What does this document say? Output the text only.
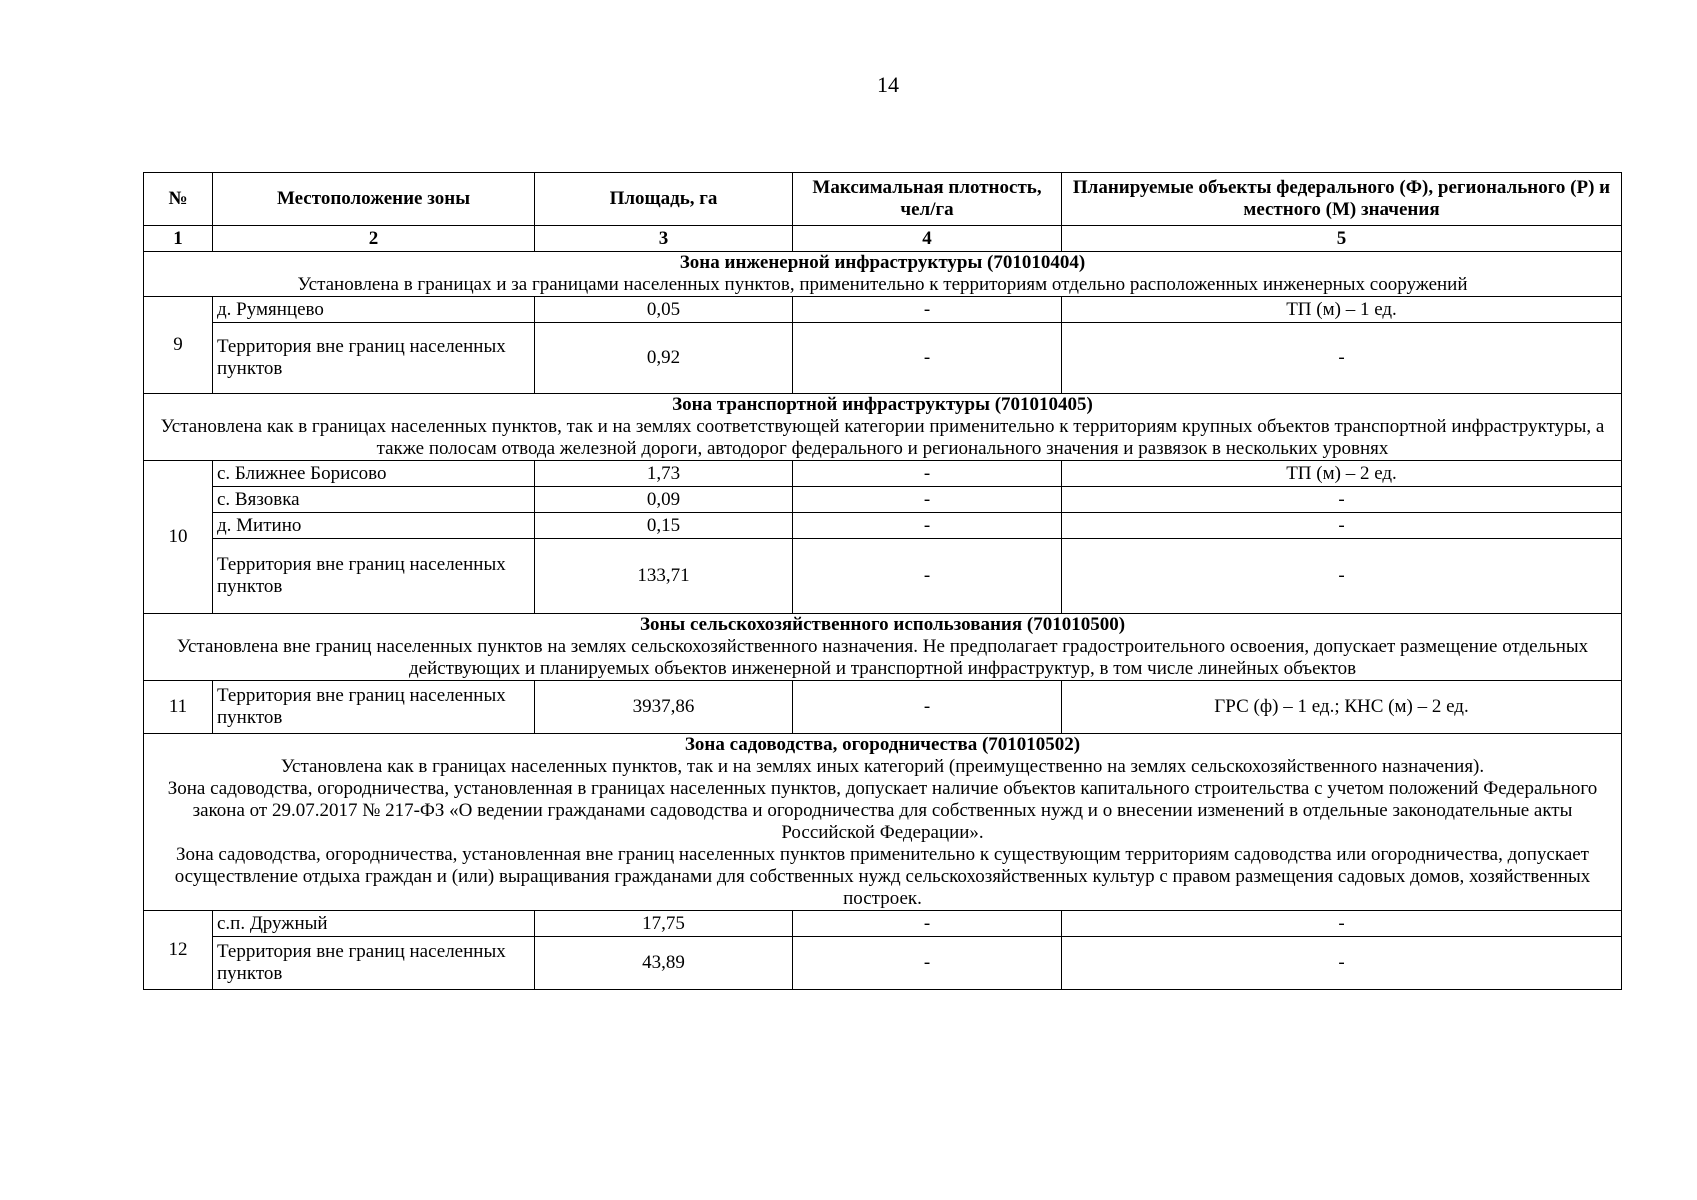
14
№	Местоположение зоны	Площадь, га	Максимальная плотность, чел/га	Планируемые объекты федерального (Ф), регионального (Р) и местного (М) значения
1	2	3	4	5

Зона инженерной инфраструктуры (701010404)
Установлена в границах и за границами населенных пунктов, применительно к территориям отдельно расположенных инженерных сооружений				

9	д. Румянцево	0,05	-	ТП (м) – 1 ед.
	Территория вне границ населенных пунктов	0,92	-	-

Зона транспортной инфраструктуры (701010405)
Установлена как в границах населенных пунктов, так и на землях соответствующей категории применительно к территориям крупных объектов транспортной инфраструктуры, а также полосам отвода железной дороги, автодорог федерального и регионального значения и развязок в нескольких уровнях				

10	с. Ближнее Борисово	1,73	-	ТП (м) – 2 ед.
	с. Вязовка	0,09	-	-
	д. Митино	0,15	-	-
	Территория вне границ населенных пунктов	133,71	-	-

Зоны сельскохозяйственного использования (701010500)
Установлена вне границ населенных пунктов на землях сельскохозяйственного назначения. Не предполагает градостроительного освоения, допускает размещение отдельных действующих и планируемых объектов инженерной и транспортной инфраструктур, в том числе линейных объектов				

11	Территория вне границ населенных пунктов	3937,86	-	ГРС (ф) – 1 ед.; КНС (м) – 2 ед.

Зона садоводства, огородничества (701010502)
Установлена как в границах населенных пунктов, так и на землях иных категорий (преимущественно на землях сельскохозяйственного назначения).
Зона садоводства, огородничества, установленная в границах населенных пунктов, допускает наличие объектов капитального строительства с учетом положений Федерального закона от 29.07.2017 № 217-ФЗ «О ведении гражданами садоводства и огородничества для собственных нужд и о внесении изменений в отдельные законодательные акты Российской Федерации».
Зона садоводства, огородничества, установленная вне границ населенных пунктов применительно к существующим территориям садоводства или огородничества, допускает осуществление отдыха граждан и (или) выращивания гражданами для собственных нужд сельскохозяйственных культур с правом размещения садовых домов, хозяйственных построек.				

12	с.п. Дружный	17,75	-	-
	Территория вне границ населенных пунктов	43,89	-	-
